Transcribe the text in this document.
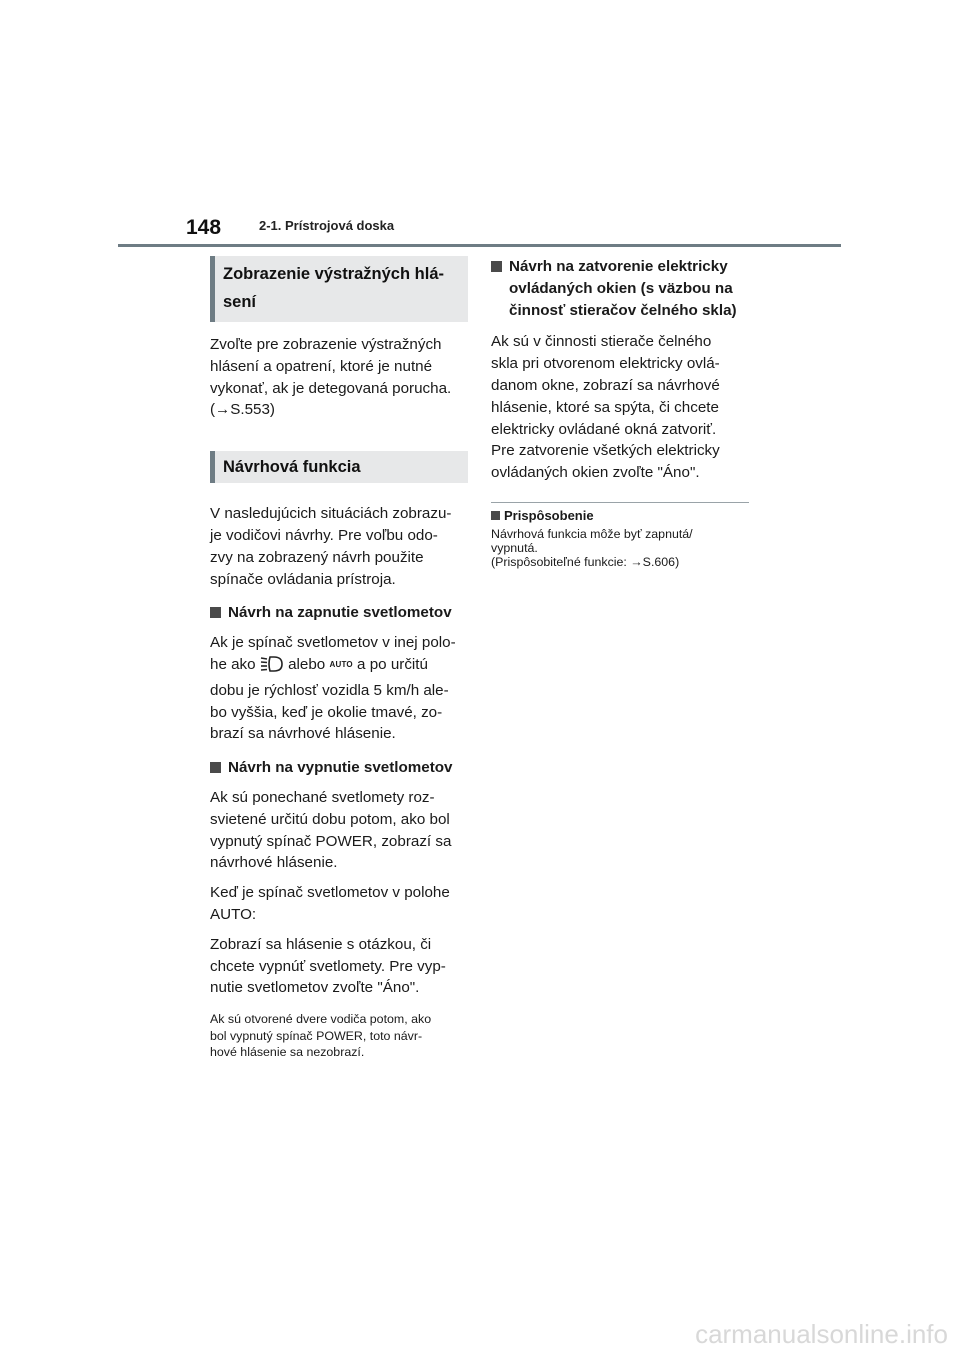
148	2-1. Prístrojová doska
Zobrazenie výstražných hlá-
sení
Zvoľte pre zobrazenie výstražných
hlásení a opatrení, ktoré je nutné
vykonať, ak je detegovaná porucha.
(→S.553)
Návrhová funkcia
V nasledujúcich situáciách zobrazu-
je vodičovi návrhy. Pre voľbu odo-
zvy na zobrazený návrh použite
spínače ovládania prístroja.
Návrh na zapnutie svetlometov
Ak je spínač svetlometov v inej polo-
he ako alebo AUTO a po určitú
dobu je rýchlosť vozidla 5 km/h ale-
bo vyššia, keď je okolie tmavé, zo-
brazí sa návrhové hlásenie.
Návrh na vypnutie svetlometov
Ak sú ponechané svetlomety roz-
svietené určitú dobu potom, ako bol
vypnutý spínač POWER, zobrazí sa
návrhové hlásenie.
Keď je spínač svetlometov v polohe
AUTO:
Zobrazí sa hlásenie s otázkou, či
chcete vypnúť svetlomety. Pre vyp-
nutie svetlometov zvoľte "Áno".
Ak sú otvorené dvere vodiča potom, ako
bol vypnutý spínač POWER, toto návr-
hové hlásenie sa nezobrazí.
Návrh na zatvorenie elektricky
ovládaných okien (s väzbou na
činnosť stieračov čelného skla)
Ak sú v činnosti stierače čelného
skla pri otvorenom elektricky ovlá-
danom okne, zobrazí sa návrhové
hlásenie, ktoré sa spýta, či chcete
elektricky ovládané okná zatvoriť.
Pre zatvorenie všetkých elektricky
ovládaných okien zvoľte "Áno".
Prispôsobenie
Návrhová funkcia môže byť zapnutá/
vypnutá.
(Prispôsobiteľné funkcie: →S.606)
carmanualsonline.info
